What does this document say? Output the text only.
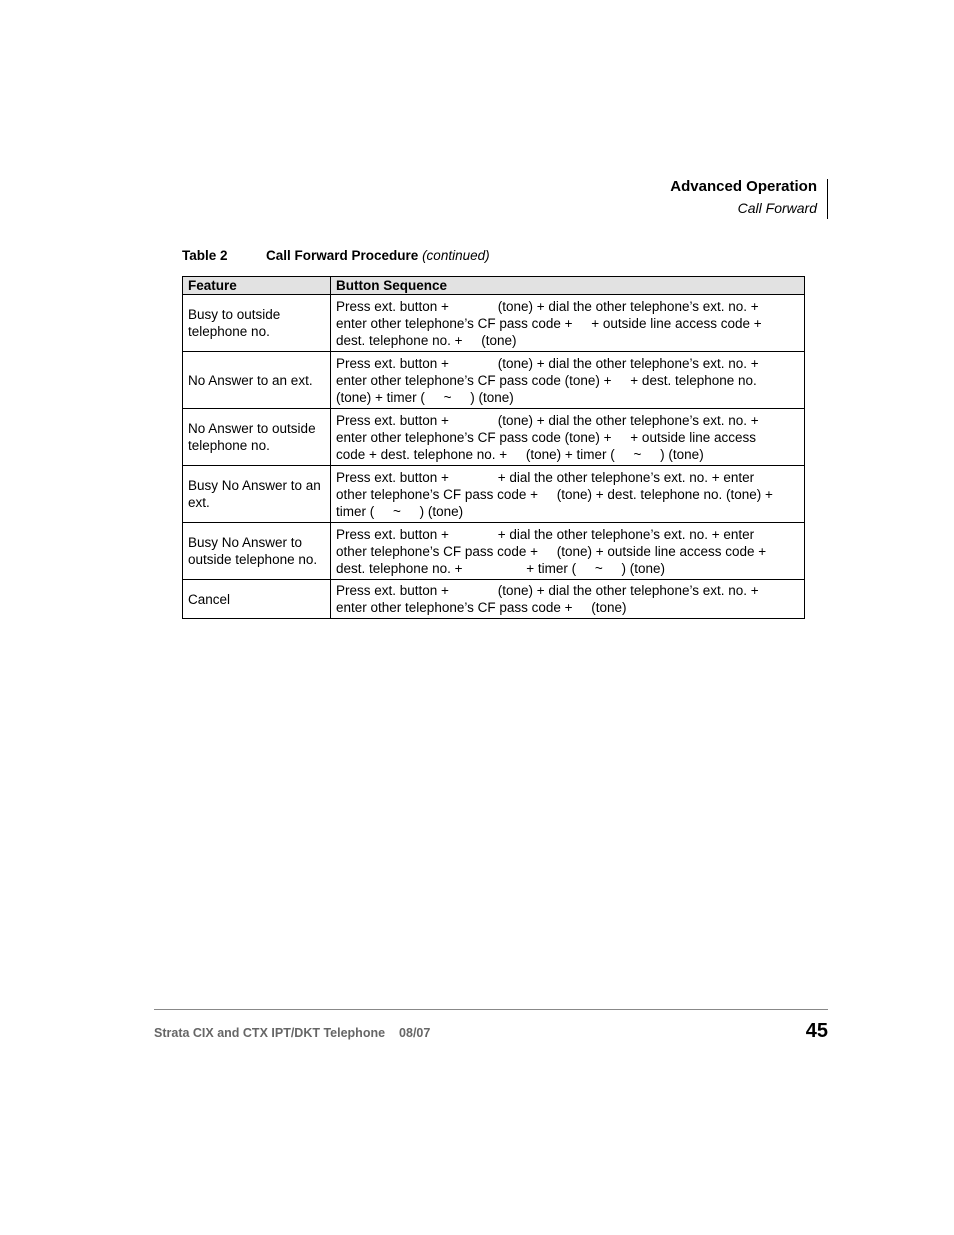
Advanced Operation
Call Forward
Table 2	Call Forward Procedure (continued)
Feature	Button Sequence
Busy to outside telephone no.	Press ext. button +             (tone) + dial the other telephone’s ext. no. +
enter other telephone’s CF pass code +     + outside line access code +
dest. telephone no. +     (tone)

No Answer to an ext.	Press ext. button +             (tone) + dial the other telephone’s ext. no. +
enter other telephone’s CF pass code (tone) +     + dest. telephone no.
(tone) + timer (     ~     ) (tone)

No Answer to outside telephone no.	Press ext. button +             (tone) + dial the other telephone’s ext. no. +
enter other telephone’s CF pass code (tone) +     + outside line access
code + dest. telephone no. +     (tone) + timer (     ~     ) (tone)

Busy No Answer to an ext.	Press ext. button +             + dial the other telephone’s ext. no. + enter
other telephone’s CF pass code +     (tone) + dest. telephone no. (tone) +
timer (     ~     ) (tone)

Busy No Answer to outside telephone no.	Press ext. button +             + dial the other telephone’s ext. no. + enter
other telephone’s CF pass code +     (tone) + outside line access code +
dest. telephone no. +                 + timer (     ~     ) (tone)

Cancel	Press ext. button +             (tone) + dial the other telephone’s ext. no. +
enter other telephone’s CF pass code +     (tone)
Strata CIX and CTX IPT/DKT Telephone 08/07	45
